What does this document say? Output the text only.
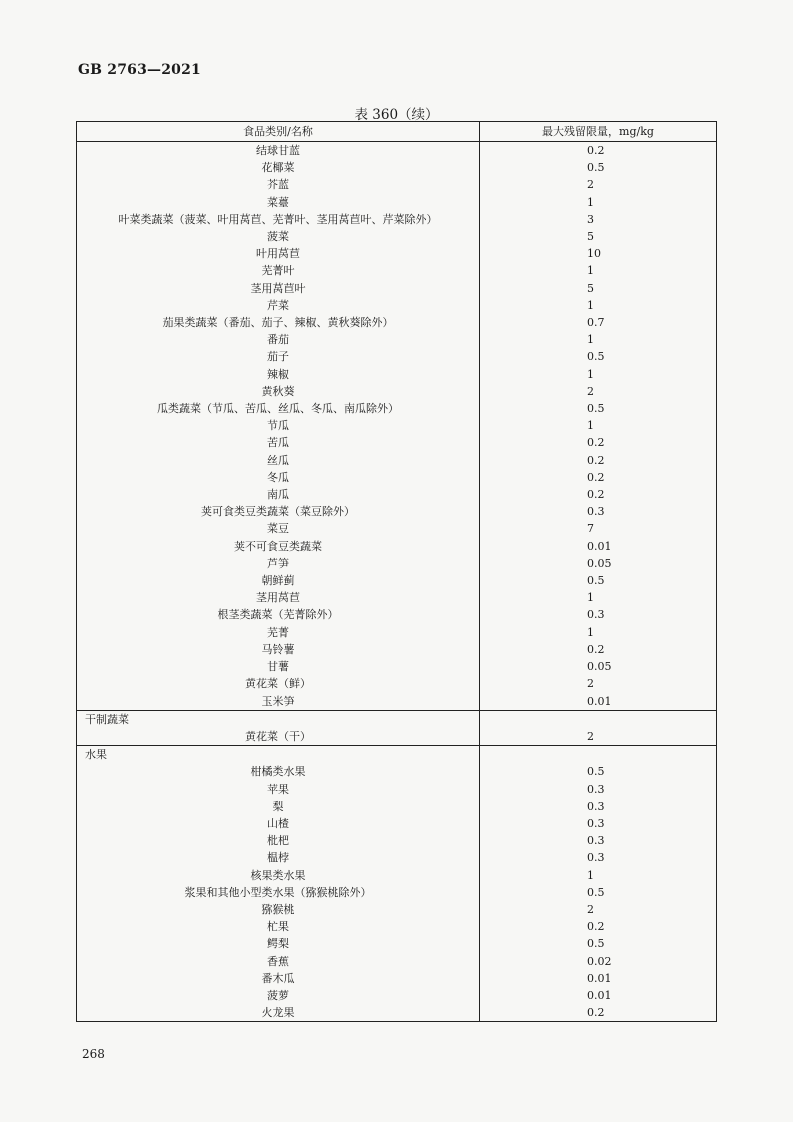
GB 2763—2021
表 360（续）
食品类别/名称	最大残留限量，mg/kg
结球甘蓝	0.2
花椰菜	0.5
芥蓝	2
菜薹	1
叶菜类蔬菜（菠菜、叶用莴苣、芜菁叶、茎用莴苣叶、芹菜除外）	3
菠菜	5
叶用莴苣	10
芜菁叶	1
茎用莴苣叶	5
芹菜	1
茄果类蔬菜（番茄、茄子、辣椒、黄秋葵除外）	0.7
番茄	1
茄子	0.5
辣椒	1
黄秋葵	2
瓜类蔬菜（节瓜、苦瓜、丝瓜、冬瓜、南瓜除外）	0.5
节瓜	1
苦瓜	0.2
丝瓜	0.2
冬瓜	0.2
南瓜	0.2
荚可食类豆类蔬菜（菜豆除外）	0.3
菜豆	7
荚不可食豆类蔬菜	0.01
芦笋	0.05
朝鲜蓟	0.5
茎用莴苣	1
根茎类蔬菜（芜菁除外）	0.3
芜菁	1
马铃薯	0.2
甘薯	0.05
黄花菜（鲜）	2
玉米笋	0.01
干制蔬菜	
黄花菜（干）	2
水果	
柑橘类水果	0.5
苹果	0.3
梨	0.3
山楂	0.3
枇杷	0.3
榅桲	0.3
核果类水果	1
浆果和其他小型类水果（猕猴桃除外）	0.5
猕猴桃	2
杧果	0.2
鳄梨	0.5
香蕉	0.02
番木瓜	0.01
菠萝	0.01
火龙果	0.2
268
